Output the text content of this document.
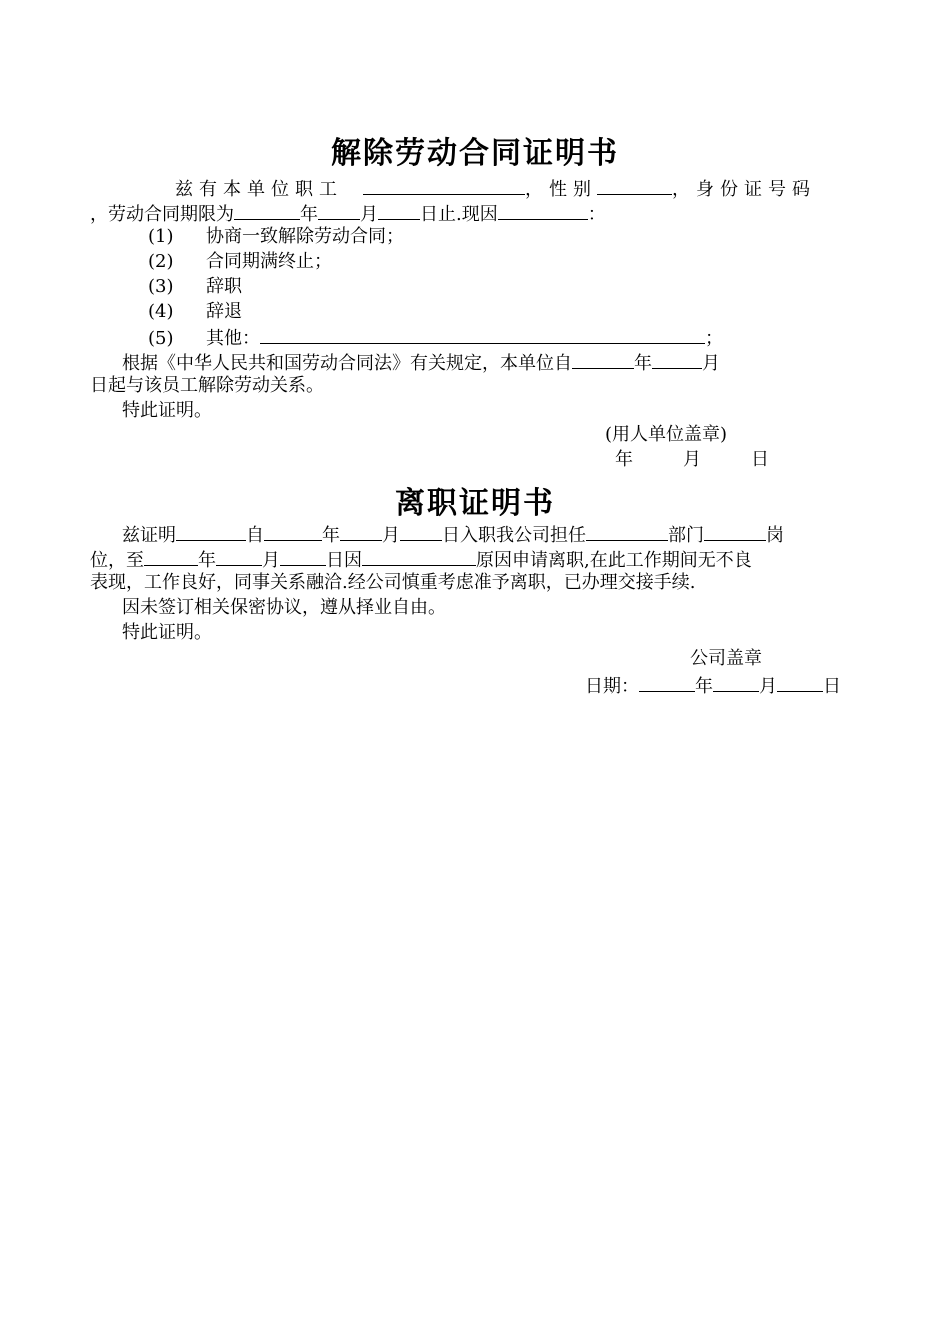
解除劳动合同证明书
兹有本单位职工	，性别	，身份证号码
，劳动合同期限为	年 月 日止.现因	：
(1) 协商一致解除劳动合同；
(2) 合同期满终止；
(3) 辞职
(4) 辞退
(5) 其他：	；
根据《中华人民共和国劳动合同法》有关规定，本单位自	年	月
日起与该员工解除劳动关系。
特此证明。
(用人单位盖章)
年	月	日
离职证明书
兹证明	自	年 月 日入职我公司担任	部门	岗
位，至	年	月	日因	原因申请离职,在此工作期间无不良
表现，工作良好，同事关系融洽.经公司慎重考虑准予离职，已办理交接手续.
因未签订相关保密协议，遵从择业自由。
特此证明。
公司盖章
日期：	年	月	日
